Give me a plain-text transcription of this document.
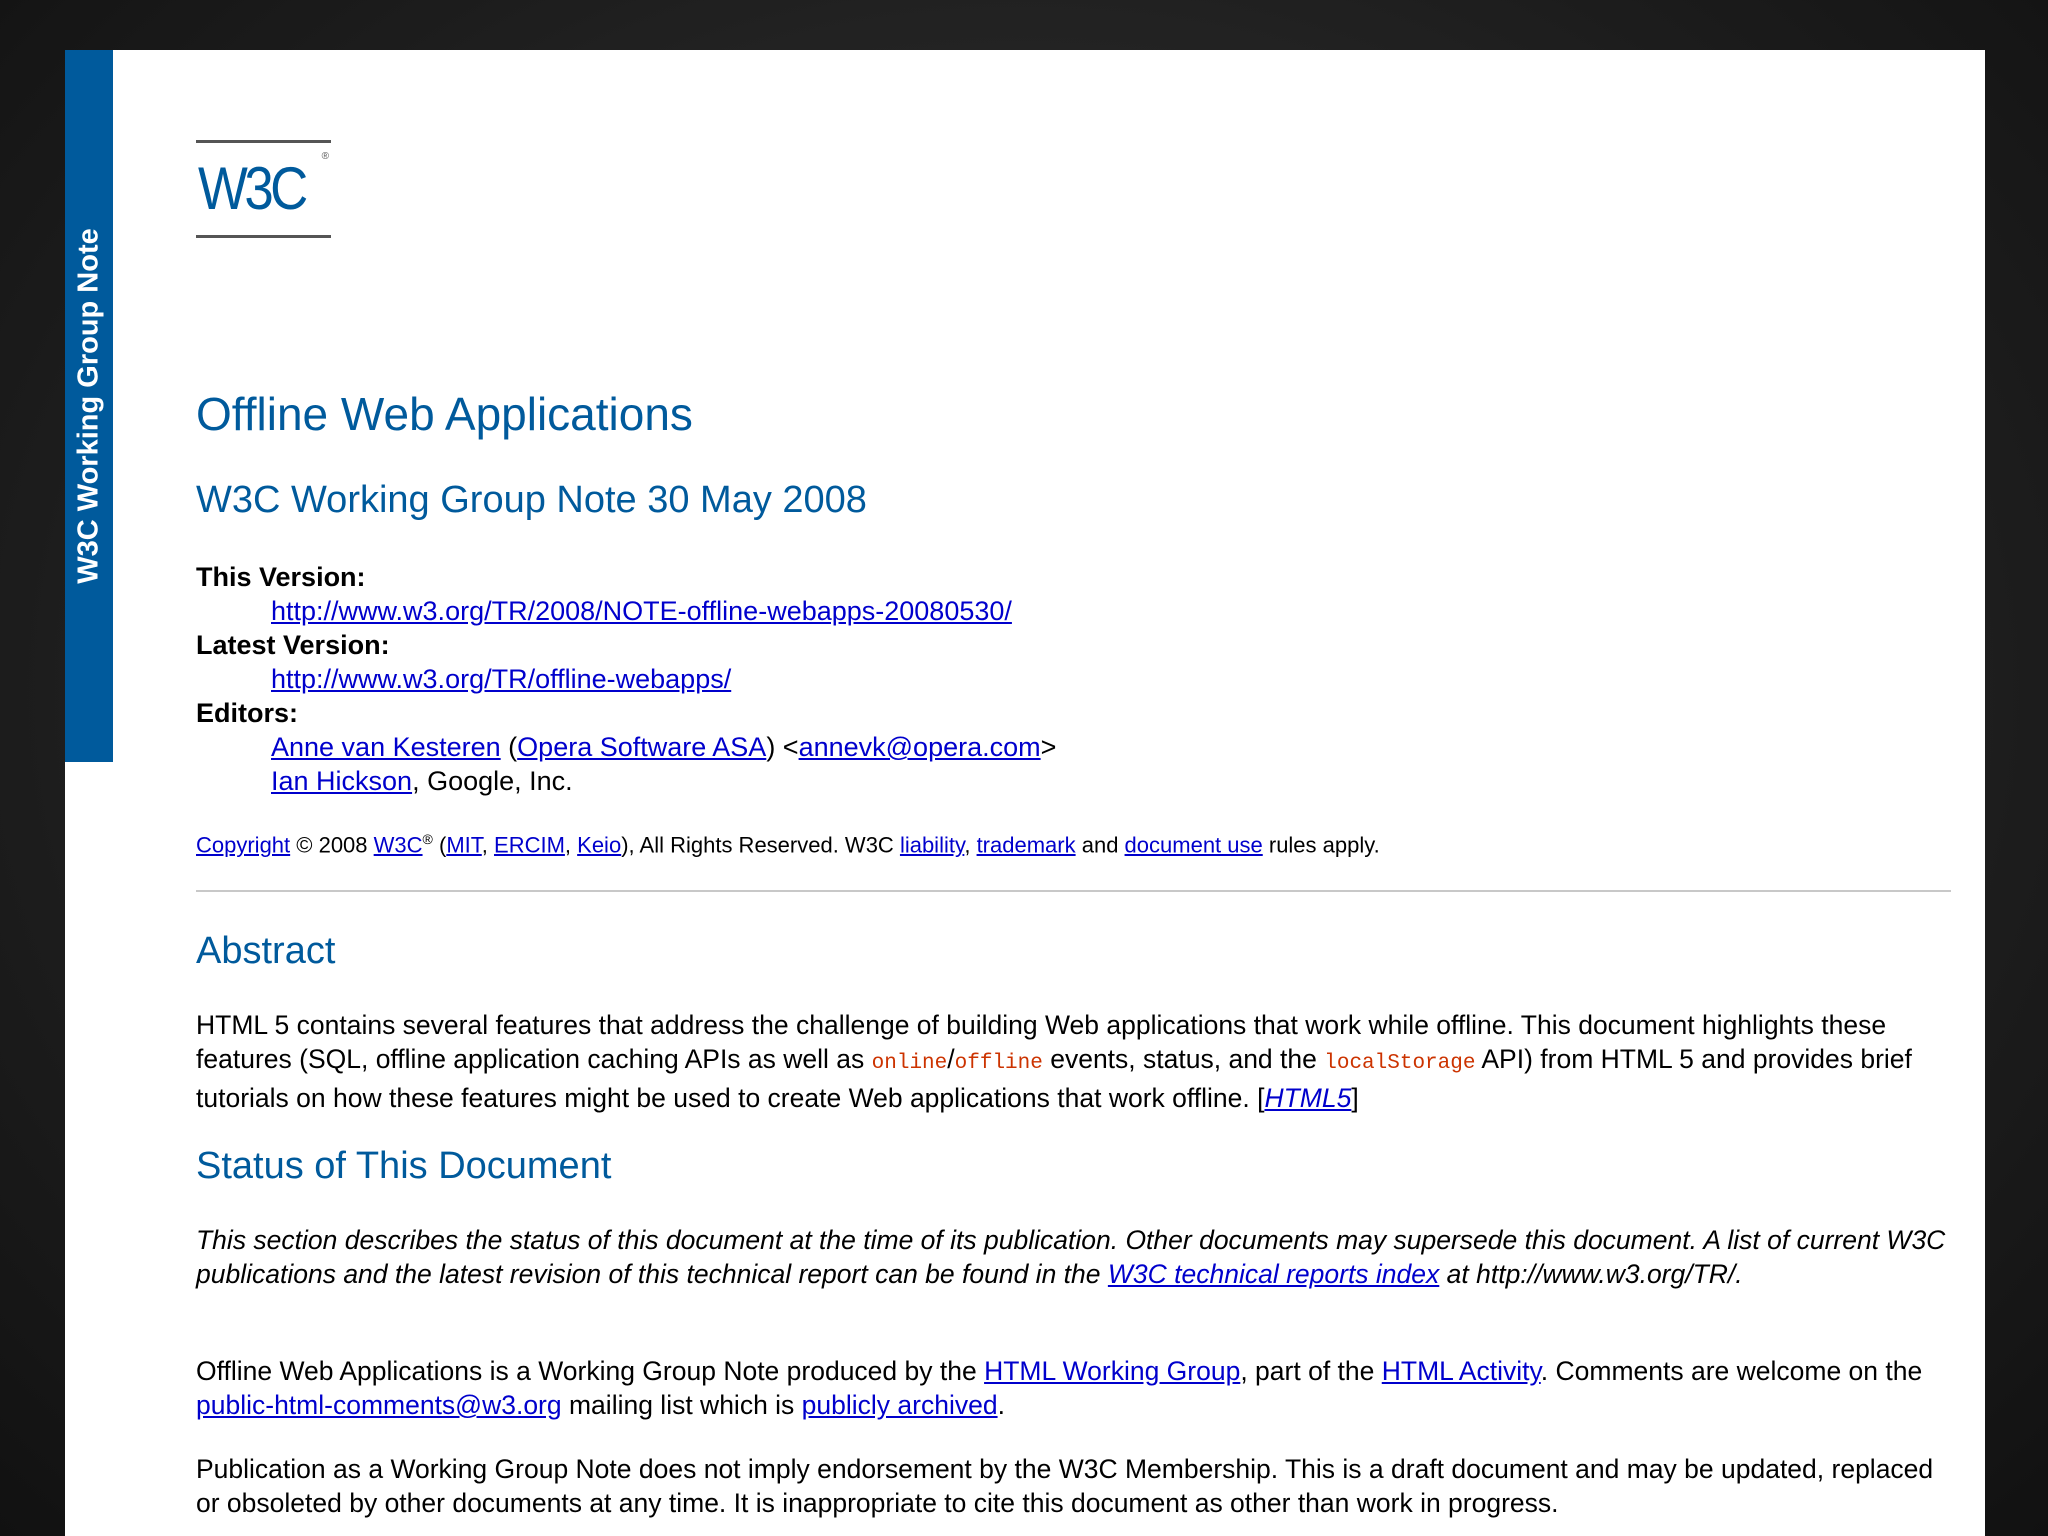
W3C Working Group Note
W3C ®
Offline Web Applications
W3C Working Group Note 30 May 2008
This Version:
http://www.w3.org/TR/2008/NOTE-offline-webapps-20080530/
Latest Version:
http://www.w3.org/TR/offline-webapps/
Editors:
Anne van Kesteren (Opera Software ASA) <annevk@opera.com>
Ian Hickson, Google, Inc.
Copyright © 2008 W3C® (MIT, ERCIM, Keio), All Rights Reserved. W3C liability, trademark and document use rules apply.
Abstract

HTML 5 contains several features that address the challenge of building Web applications that work while offline. This document highlights these features (SQL, offline application caching APIs as well as online/offline events, status, and the localStorage API) from HTML 5 and provides brief tutorials on how these features might be used to create Web applications that work offline. [HTML5]

Status of This Document

This section describes the status of this document at the time of its publication. Other documents may supersede this document. A list of current W3C publications and the latest revision of this technical report can be found in the W3C technical reports index at http://www.w3.org/TR/.

Offline Web Applications is a Working Group Note produced by the HTML Working Group, part of the HTML Activity. Comments are welcome on the public-html-comments@w3.org mailing list which is publicly archived.

Publication as a Working Group Note does not imply endorsement by the W3C Membership. This is a draft document and may be updated, replaced or obsoleted by other documents at any time. It is inappropriate to cite this document as other than work in progress.
